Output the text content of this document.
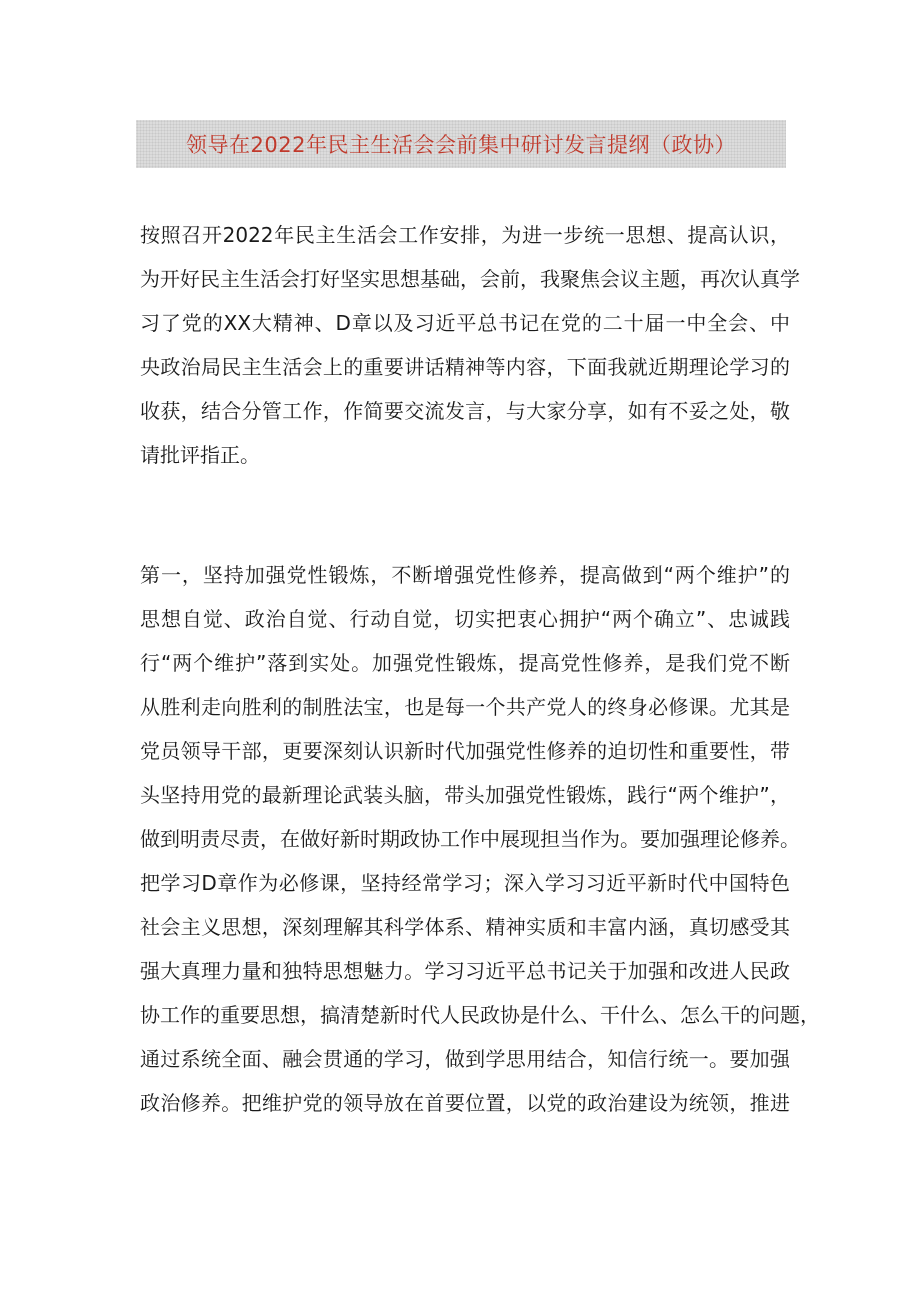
领导在2022年民主生活会会前集中研讨发言提纲（政协）
按照召开2022年民主生活会工作安排，为进一步统一思想、提高认识，
为开好民主生活会打好坚实思想基础，会前，我聚焦会议主题，再次认真学
习了党的XX大精神、D章以及习近平总书记在党的二十届一中全会、中
央政治局民主生活会上的重要讲话精神等内容，下面我就近期理论学习的
收获，结合分管工作，作简要交流发言，与大家分享，如有不妥之处，敬
请批评指正。
第一，坚持加强党性锻炼，不断增强党性修养，提高做到“两个维护”的
思想自觉、政治自觉、行动自觉，切实把衷心拥护“两个确立”、忠诚践
行“两个维护”落到实处。加强党性锻炼，提高党性修养，是我们党不断
从胜利走向胜利的制胜法宝，也是每一个共产党人的终身必修课。尤其是
党员领导干部，更要深刻认识新时代加强党性修养的迫切性和重要性，带
头坚持用党的最新理论武装头脑，带头加强党性锻炼，践行“两个维护”，
做到明责尽责，在做好新时期政协工作中展现担当作为。要加强理论修养。
把学习D章作为必修课，坚持经常学习；深入学习习近平新时代中国特色
社会主义思想，深刻理解其科学体系、精神实质和丰富内涵，真切感受其
强大真理力量和独特思想魅力。学习习近平总书记关于加强和改进人民政
协工作的重要思想，搞清楚新时代人民政协是什么、干什么、怎么干的问题，
通过系统全面、融会贯通的学习，做到学思用结合，知信行统一。要加强
政治修养。把维护党的领导放在首要位置，以党的政治建设为统领，推进
